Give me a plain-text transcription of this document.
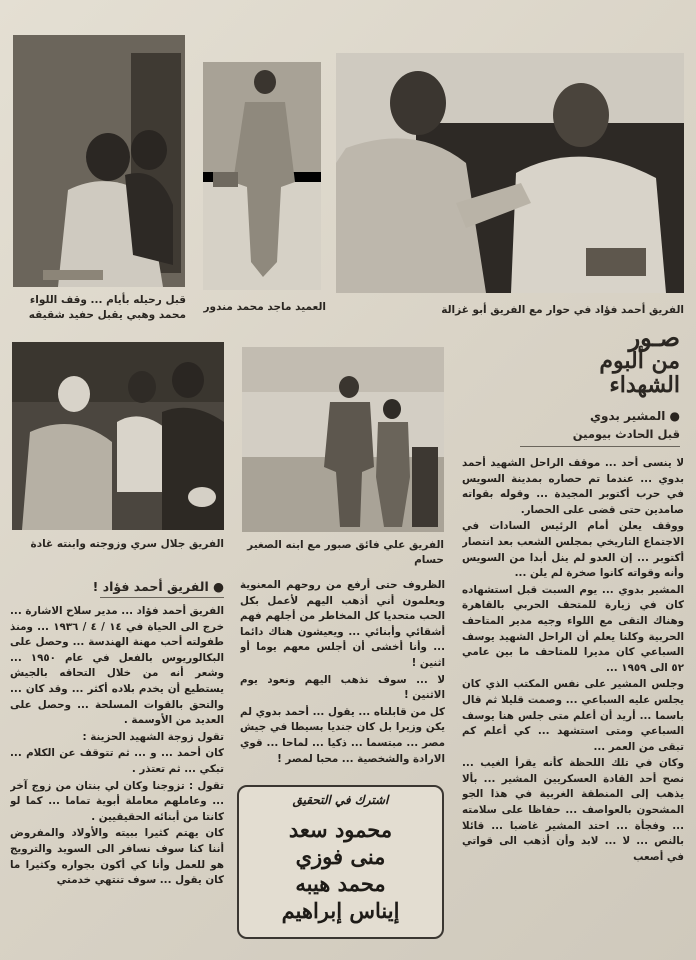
قبل رحيله بأيام ... وقف اللواء محمد وهبي يقبل حفيد شقيقه
العميد ماجد محمد مندور	الفريق أحمد فؤاد في حوار مع الفريق أبو غزالة
الفريق جلال سري وزوجته وابنته غادة	الفريق علي فائق صبور مع ابنه الصغير حسام
صـور
من ألبوم
الشهداء
● المشير بدوي
قبل الحادث بيومين

لا ينسى أحد ... موقف الراحل الشهيد أحمد بدوي ... عندما تم حصاره بمدينة السويس في حرب أكتوبر المجيدة ... وقوله بقواته صامدين حتى قضى على الحصار.

ووقف يعلن أمام الرئيس السادات في الاجتماع التاريخي بمجلس الشعب بعد انتصار أكتوبر ... إن العدو لم ينل أبدا من السويس وأنه وقواته كانوا صخرة لم يلن ...

المشير بدوي ... يوم السبت قبل استشهاده كان في زيارة للمتحف الحربي بالقاهرة وهناك التقى مع اللواء وجيه مدير المتاحف الحربية وكلنا يعلم أن الراحل الشهيد يوسف السباعي كان مديرا للمتاحف ما بين عامي ٥٢ الى ١٩٥٩ ...

وجلس المشير على نفس المكتب الذي كان يجلس عليه السباعي ... وصمت قليلا ثم قال باسما ... أريد أن أعلم متى جلس هنا يوسف السباعي ومتى استشهد ... كي أعلم كم تبقى من العمر ...

وكان في تلك اللحظة كأنه يقرأ الغيب ... نصح أحد القادة العسكريين المشير ... بألا يذهب إلى المنطقة الغربية في هذا الجو المشحون بالعواصف ... حفاظا على سلامته ... وفجأة ... احتد المشير غاضبا ... قائلا بالنص ... لا ... لابد وأن أذهب الى قواتي في أصعب

الظروف حتى أرفع من روحهم المعنوية ويعلمون أني أذهب اليهم لأعمل بكل الحب متحديا كل المخاطر من أجلهم فهم أشقائي وأبنائي ... ويعيشون هناك دائما ... وأنا أخشى أن أجلس معهم يوما أو اثنين !

لا ... سوف نذهب اليهم ونعود يوم الاثنين !

كل من قابلناه ... يقول ... أحمد بدوي لم يكن وزيرا بل كان جنديا بسيطا في جيش مصر ... مبتسما ... ذكيا ... لماحا ... قوي الارادة والشخصية ... محبا لمصر !

اشترك في التحقيق
محمود سعد
منى فوزي
محمد هيبه
إيناس إبراهيم
● الفريق أحمد فؤاد !

الفريق أحمد فؤاد ... مدير سلاح الاشارة ... خرج الى الحياة في ١٤ / ٤ / ١٩٣٦ ... ومنذ طفولته أحب مهنة الهندسة ... وحصل على البكالوريوس بالفعل في عام ١٩٥٠ ... وشعر أنه من خلال التحاقه بالجيش يستطيع أن يخدم بلاده أكثر ... وقد كان ... والتحق بالقوات المسلحة ... وحصل على العديد من الأوسمة .

تقول زوجة الشهيد الحزينة :

كان أحمد ... و ... ثم تتوقف عن الكلام ... تبكي ... ثم تعتذر .

تقول : تزوجنا وكان لي بنتان من زوج آخر ... وعاملهم معاملة أبوية تماما ... كما لو كانتا من أبنائه الحقيقيين .

كان يهتم كثيرا ببيته والأولاد والمفروض أننا كنا سوف نسافر الى السويد والترويج هو للعمل وأنا كي أكون بجواره وكثيرا ما كان يقول ... سوف تنتهي خدمتي
